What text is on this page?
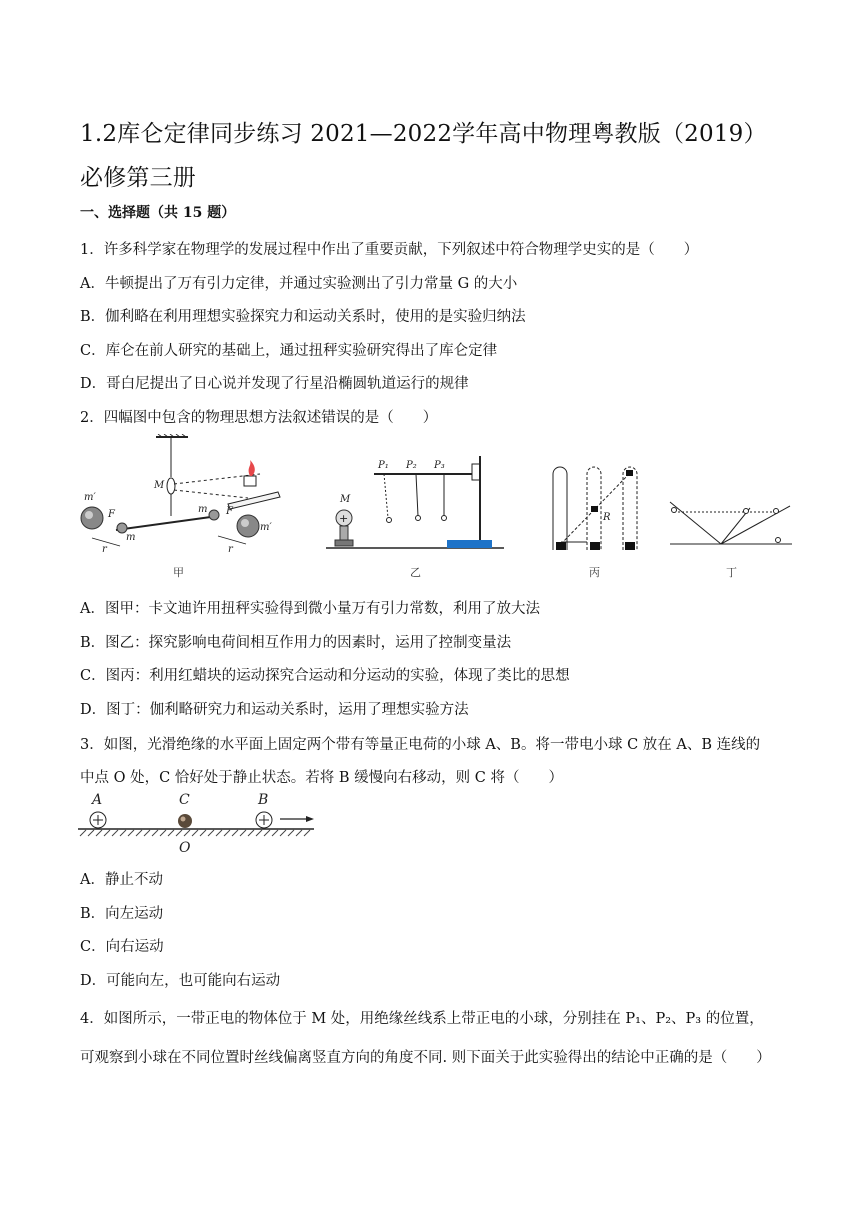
1.2库仑定律同步练习 2021—2022学年高中物理粤教版（2019）必修第三册
一、选择题（共 15 题）
1．许多科学家在物理学的发展过程中作出了重要贡献，下列叙述中符合物理学史实的是（　　）
A．牛顿提出了万有引力定律，并通过实验测出了引力常量 G 的大小
B．伽利略在利用理想实验探究力和运动关系时，使用的是实验归纳法
C．库仑在前人研究的基础上，通过扭秤实验研究得出了库仑定律
D．哥白尼提出了日心说并发现了行星沿椭圆轨道运行的规律
2．四幅图中包含的物理思想方法叙述错误的是（　　）
m′
F
m
M
m F
m′
r	r
甲
+
M
P₁ P₂ P₃
乙
R
丙	丁
A．图甲：卡文迪许用扭秤实验得到微小量万有引力常数，利用了放大法
B．图乙：探究影响电荷间相互作用力的因素时，运用了控制变量法
C．图丙：利用红蜡块的运动探究合运动和分运动的实验，体现了类比的思想
D．图丁：伽利略研究力和运动关系时，运用了理想实验方法
3．如图，光滑绝缘的水平面上固定两个带有等量正电荷的小球 A、B。将一带电小球 C 放在 A、B 连线的
中点 O 处，C 恰好处于静止状态。若将 B 缓慢向右移动，则 C 将（　　）
A	C	B
O
A．静止不动
B．向左运动
C．向右运动
D．可能向左，也可能向右运动
4．如图所示，一带正电的物体位于 M 处，用绝缘丝线系上带正电的小球，分别挂在 P₁、P₂、P₃ 的位置，
可观察到小球在不同位置时丝线偏离竖直方向的角度不同. 则下面关于此实验得出的结论中正确的是（　　）
